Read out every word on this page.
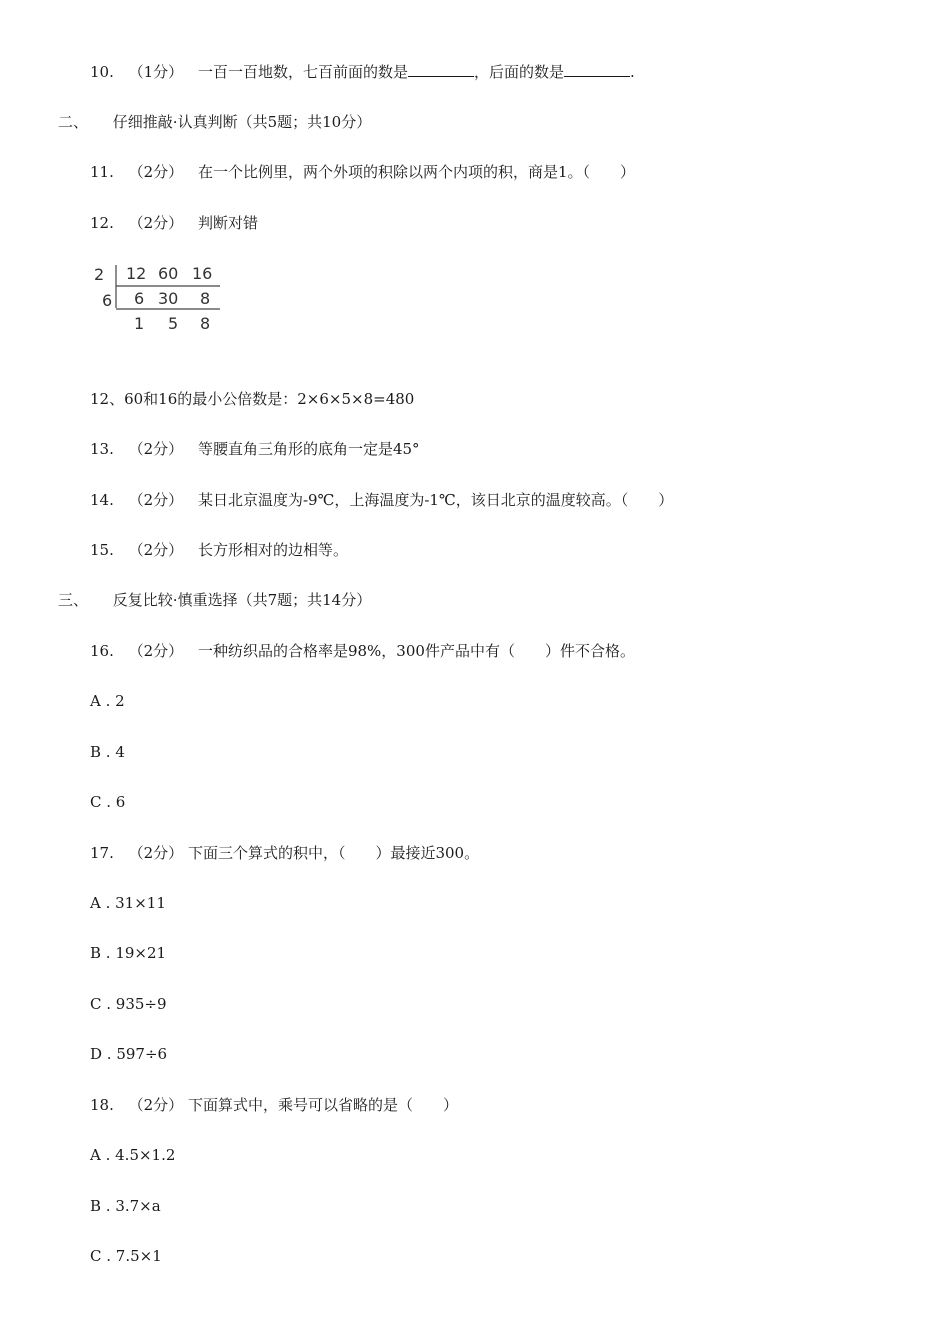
10. （1分） 一百一百地数，七百前面的数是	，后面的数是	.
二、 仔细推敲·认真判断（共5题；共10分）
11. （2分） 在一个比例里，两个外项的积除以两个内项的积，商是1。（　　）
12. （2分） 判断对错
2 12 60 16
6 6 30 8
1 5 8
12、60和16的最小公倍数是：2×6×5×8=480
13. （2分） 等腰直角三角形的底角一定是45°
14. （2分） 某日北京温度为-9℃，上海温度为-1℃，该日北京的温度较高。（　　）
15. （2分） 长方形相对的边相等。
三、 反复比较·慎重选择（共7题；共14分）
16. （2分） 一种纺织品的合格率是98%，300件产品中有（　　）件不合格。
A . 2
B . 4
C . 6
17. （2分） 下面三个算式的积中，（　　）最接近300。
A . 31×11
B . 19×21
C . 935÷9
D . 597÷6
18. （2分） 下面算式中，乘号可以省略的是（　　）
A . 4.5×1.2
B . 3.7×a
C . 7.5×1
